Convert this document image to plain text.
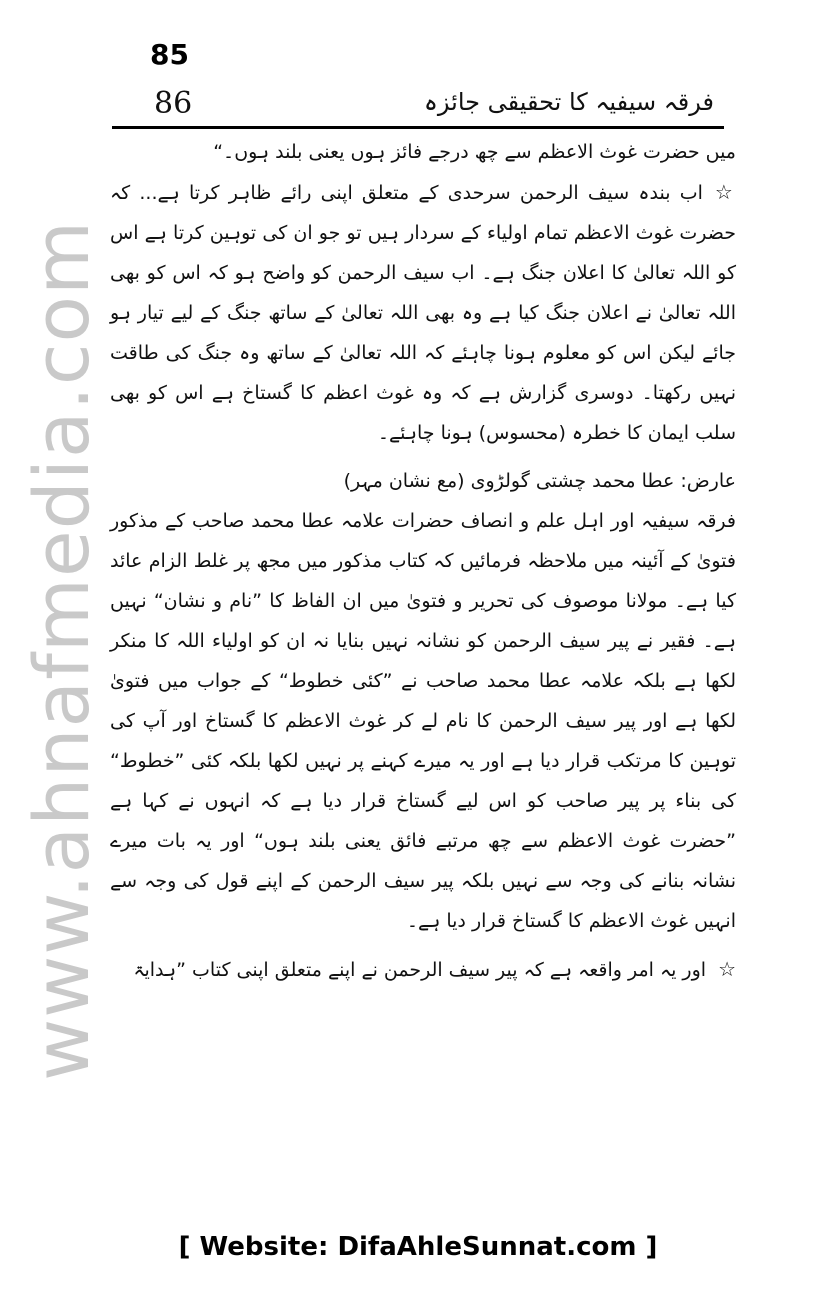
www.ahnafmedia.com
85
86	فرقہ سیفیہ کا تحقیقی جائزہ

میں حضرت غوث الاعظم سے چھ درجے فائز ہوں یعنی بلند ہوں۔“

☆اب بندہ سیف الرحمن سرحدی کے متعلق اپنی رائے ظاہر کرتا ہے... کہ حضرت غوث الاعظم تمام اولیاء کے سردار ہیں تو جو ان کی توہین کرتا ہے اس کو اللہ تعالیٰ کا اعلان جنگ ہے۔ اب سیف الرحمن کو واضح ہو کہ اس کو بھی اللہ تعالیٰ نے اعلان جنگ کیا ہے وہ بھی اللہ تعالیٰ کے ساتھ جنگ کے لیے تیار ہو جائے لیکن اس کو معلوم ہونا چاہئے کہ اللہ تعالیٰ کے ساتھ وہ جنگ کی طاقت نہیں رکھتا۔ دوسری گزارش ہے کہ وہ غوث اعظم کا گستاخ ہے اس کو بھی سلب ایمان کا خطرہ (محسوس) ہونا چاہئے۔

عارض: عطا محمد چشتی گولڑوی (مع نشان مہر)

فرقہ سیفیہ اور اہل علم و انصاف حضرات علامہ عطا محمد صاحب کے مذکور فتویٰ کے آئینہ میں ملاحظہ فرمائیں کہ کتاب مذکور میں مجھ پر غلط الزام عائد کیا ہے۔ مولانا موصوف کی تحریر و فتویٰ میں ان الفاظ کا ”نام و نشان“ نہیں ہے۔ فقیر نے پیر سیف الرحمن کو نشانہ نہیں بنایا نہ ان کو اولیاء اللہ کا منکر لکھا ہے بلکہ علامہ عطا محمد صاحب نے ”کئی خطوط“ کے جواب میں فتویٰ لکھا ہے اور پیر سیف الرحمن کا نام لے کر غوث الاعظم کا گستاخ اور آپ کی توہین کا مرتکب قرار دیا ہے اور یہ میرے کہنے پر نہیں لکھا بلکہ کئی ”خطوط“ کی بناء پر پیر صاحب کو اس لیے گستاخ قرار دیا ہے کہ انہوں نے کہا ہے ”حضرت غوث الاعظم سے چھ مرتبے فائق یعنی بلند ہوں“ اور یہ بات میرے نشانہ بنانے کی وجہ سے نہیں بلکہ پیر سیف الرحمن کے اپنے قول کی وجہ سے انہیں غوث الاعظم کا گستاخ قرار دیا ہے۔

☆اور یہ امر واقعہ ہے کہ پیر سیف الرحمن نے اپنے متعلق اپنی کتاب ”ہدایۃ

[ Website: DifaAhleSunnat.com ]
